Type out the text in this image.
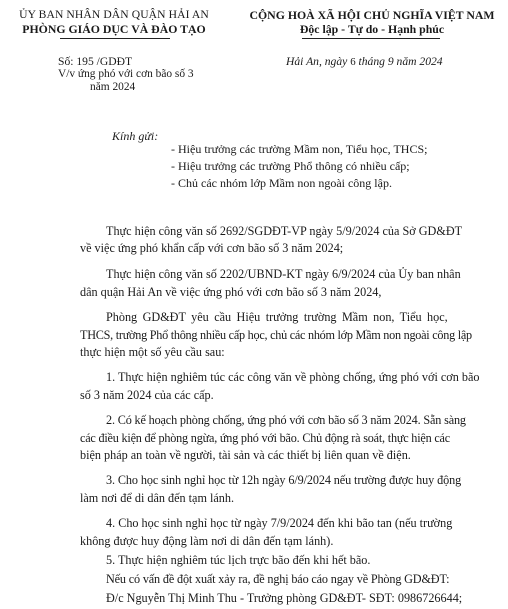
ỦY BAN NHÂN DÂN QUẬN HẢI AN
PHÒNG GIÁO DỤC VÀ ĐÀO TẠO
CỘNG HOÀ XÃ HỘI CHỦ NGHĨA VIỆT NAM
Độc lập - Tự do - Hạnh phúc
Số: 195 /GDĐT
V/v ứng phó với cơn bão số 3
năm 2024
Hải An, ngày 6 tháng 9 năm 2024
Kính gửi:
- Hiệu trưởng các trường Mầm non, Tiểu học, THCS;
- Hiệu trưởng các trường Phổ thông có nhiều cấp;
- Chủ các nhóm lớp Mầm non ngoài công lập.
Thực hiện công văn số 2692/SGDĐT-VP ngày 5/9/2024 của Sở GD&ĐT
về việc ứng phó khẩn cấp với cơn bão số 3 năm 2024;
Thực hiện công văn số 2202/UBND-KT ngày 6/9/2024 của Ủy ban nhân
dân quận Hải An về việc ứng phó với cơn bão số 3 năm 2024,
Phòng GD&ĐT yêu cầu Hiệu trưởng trường Mầm non, Tiểu học,
THCS, trường Phổ thông nhiều cấp học, chủ các nhóm lớp Mầm non ngoài công lập
thực hiện một số yêu cầu sau:
1. Thực hiện nghiêm túc các công văn về phòng chống, ứng phó với cơn bão
số 3 năm 2024 của các cấp.
2. Có kế hoạch phòng chống, ứng phó với cơn bão số 3 năm 2024. Sẵn sàng
các điều kiện để phòng ngừa, ứng phó với bão. Chủ động rà soát, thực hiện các
biện pháp an toàn về người, tài sản và các thiết bị liên quan về điện.
3. Cho học sinh nghỉ học từ 12h ngày 6/9/2024 nếu trường được huy động
làm nơi để di dân đến tạm lánh.
4. Cho học sinh nghỉ học từ ngày 7/9/2024 đến khi bão tan (nếu trường
không được huy động làm nơi di dân đến tạm lánh).
5. Thực hiện nghiêm túc lịch trực bão đến khi hết bão.
Nếu có vấn đề đột xuất xảy ra, đề nghị báo cáo ngay về Phòng GD&ĐT:
Đ/c Nguyễn Thị Minh Thu - Trưởng phòng GD&ĐT- SĐT: 0986726644;
